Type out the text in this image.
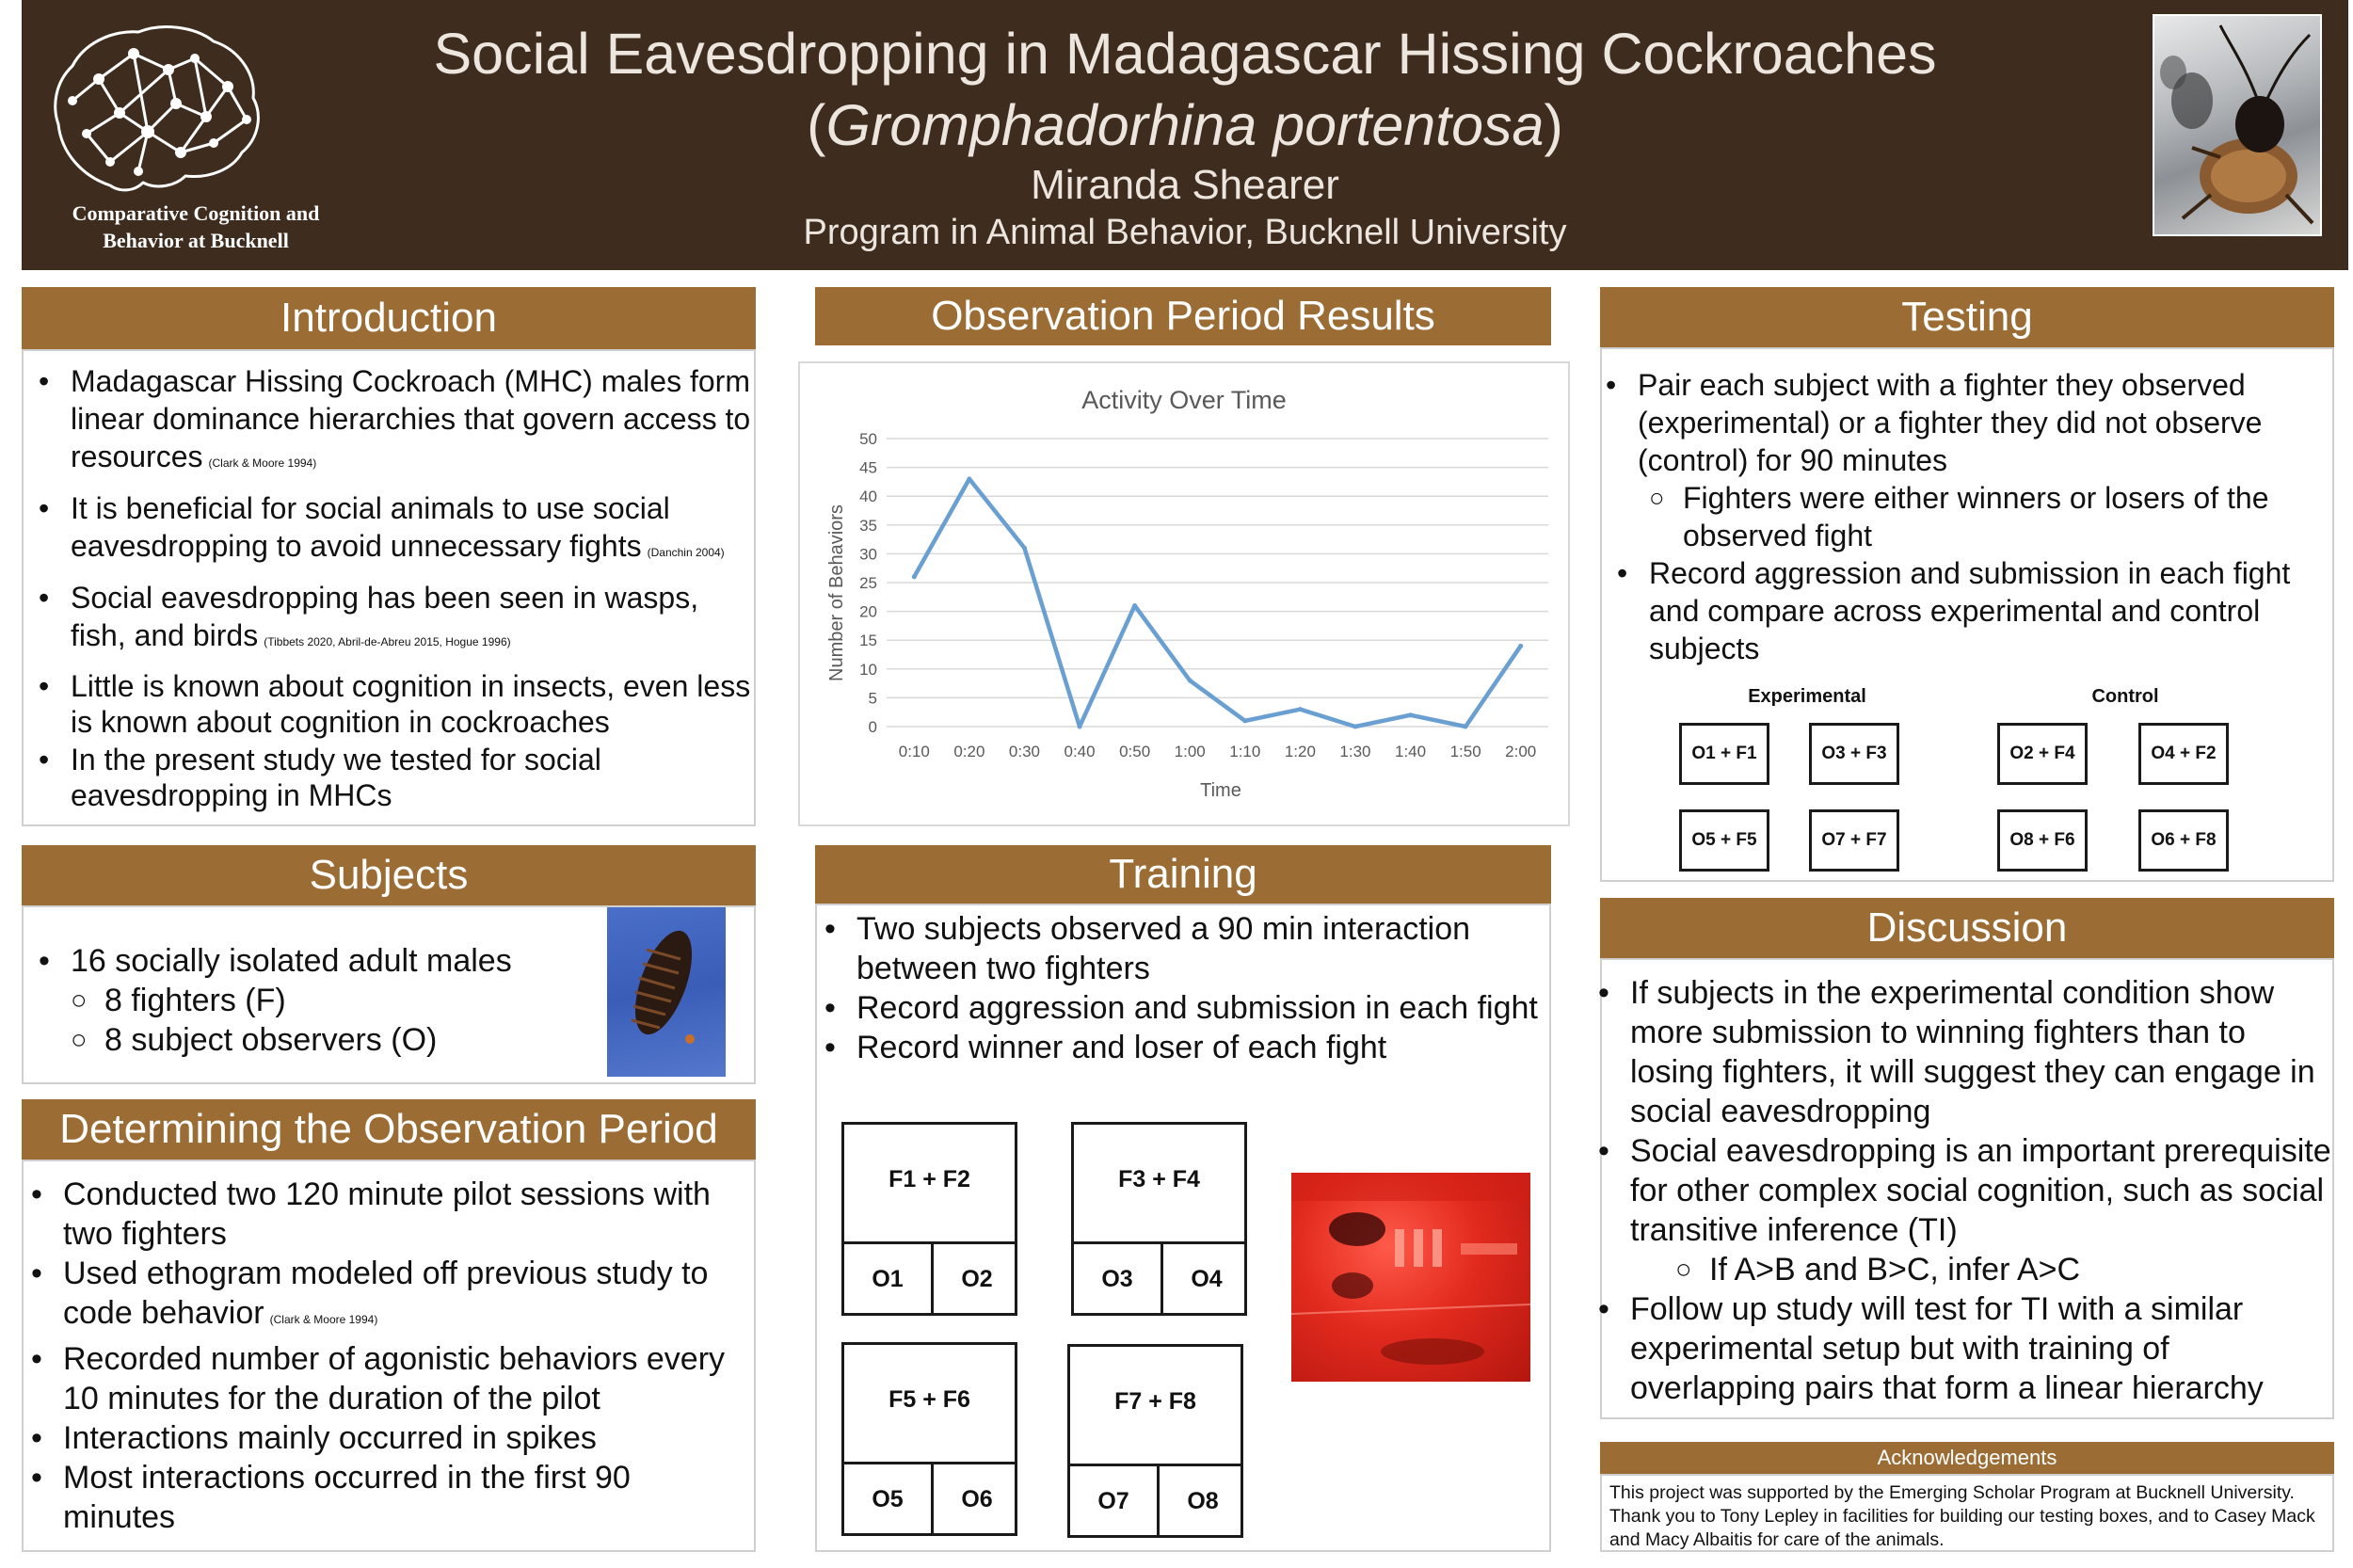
Social Eavesdropping in Madagascar Hissing Cockroaches
(Gromphadorhina portentosa)
Miranda Shearer
Program in Animal Behavior, Bucknell University
Comparative Cognition and
Behavior at Bucknell
Introduction
• Madagascar Hissing Cockroach (MHC) males form linear dominance hierarchies that govern access to resources (Clark & Moore 1994)
• It is beneficial for social animals to use social eavesdropping to avoid unnecessary fights (Danchin 2004)
• Social eavesdropping has been seen in wasps, fish, and birds (Tibbets 2020, Abril-de-Abreu 2015, Hogue 1996)
• Little is known about cognition in insects, even less is known about cognition in cockroaches
• In the present study we tested for social eavesdropping in MHCs
Subjects
• 16 socially isolated adult males
○ 8 fighters (F)
○ 8 subject observers (O)
Determining the Observation Period
• Conducted two 120 minute pilot sessions with two fighters
• Used ethogram modeled off previous study to code behavior (Clark & Moore 1994)
• Recorded number of agonistic behaviors every 10 minutes for the duration of the pilot
• Interactions mainly occurred in spikes
• Most interactions occurred in the first 90 minutes
Observation Period Results
Activity Over Time
Number of Behaviors
Time
0
5
10
15
20
25
30
35
40
45
50
0:10 0:20 0:30 0:40 0:50 1:00 1:10 1:20 1:30 1:40 1:50 2:00
Training
• Two subjects observed a 90 min interaction between two fighters
• Record aggression and submission in each fight
• Record winner and loser of each fight
F1 + F2
O1	O2
F3 + F4
O3	O4
F5 + F6
O5	O6
F7 + F8
O7	O8
Testing
• Pair each subject with a fighter they observed (experimental) or a fighter they did not observe (control) for 90 minutes
○ Fighters were either winners or losers of the observed fight
• Record aggression and submission in each fight and compare across experimental and control subjects
Experimental	Control
O1 + F1	O3 + F3
O5 + F5	O7 + F7
O2 + F4	O4 + F2
O8 + F6	O6 + F8
Discussion
• If subjects in the experimental condition show more submission to winning fighters than to losing fighters, it will suggest they can engage in social eavesdropping
• Social eavesdropping is an important prerequisite for other complex social cognition, such as social transitive inference (TI)
○ If A>B and B>C, infer A>C
• Follow up study will test for TI with a similar experimental setup but with training of overlapping pairs that form a linear hierarchy
Acknowledgements
This project was supported by the Emerging Scholar Program at Bucknell University. Thank you to Tony Lepley in facilities for building our testing boxes, and to Casey Mack and Macy Albaitis for care of the animals.
